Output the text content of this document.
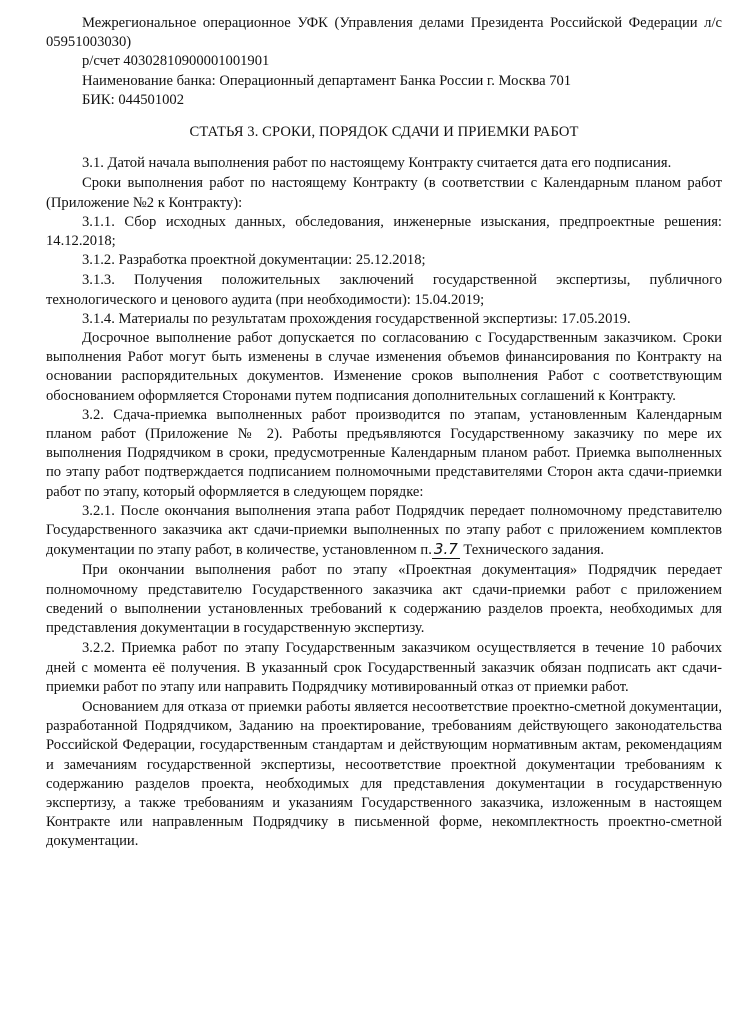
Межрегиональное операционное УФК (Управления делами Президента Российской Федерации л/с 05951003030)

р/счет 40302810900001001901

Наименование банка: Операционный департамент Банка России г. Москва 701

БИК: 044501002

СТАТЬЯ 3. СРОКИ, ПОРЯДОК СДАЧИ И ПРИЕМКИ РАБОТ

3.1. Датой начала выполнения работ по настоящему Контракту считается дата его подписания.

Сроки выполнения работ по настоящему Контракту (в соответствии с Календарным планом работ (Приложение №2 к Контракту):

3.1.1. Сбор исходных данных, обследования, инженерные изыскания, предпроектные решения: 14.12.2018;

3.1.2. Разработка проектной документации: 25.12.2018;

3.1.3. Получения положительных заключений государственной экспертизы, публичного технологического и ценового аудита (при необходимости): 15.04.2019;

3.1.4. Материалы по результатам прохождения государственной экспертизы: 17.05.2019.

Досрочное выполнение работ допускается по согласованию с Государственным заказчиком. Сроки выполнения Работ могут быть изменены в случае изменения объемов финансирования по Контракту на основании распорядительных документов. Изменение сроков выполнения Работ с соответствующим обоснованием оформляется Сторонами путем подписания дополнительных соглашений к Контракту.

3.2. Сдача-приемка выполненных работ производится по этапам, установленным Календарным планом работ (Приложение № 2). Работы предъявляются Государственному заказчику по мере их выполнения Подрядчиком в сроки, предусмотренные Календарным планом работ. Приемка выполненных по этапу работ подтверждается подписанием полномочными представителями Сторон акта сдачи-приемки работ по этапу, который оформляется в следующем порядке:

3.2.1. После окончания выполнения этапа работ Подрядчик передает полномочному представителю Государственного заказчика акт сдачи-приемки выполненных по этапу работ с приложением комплектов документации по этапу работ, в количестве, установленном п. 3.7 Технического задания.

При окончании выполнения работ по этапу «Проектная документация» Подрядчик передает полномочному представителю Государственного заказчика акт сдачи-приемки работ с приложением сведений о выполнении установленных требований к содержанию разделов проекта, необходимых для представления документации в государственную экспертизу.

3.2.2. Приемка работ по этапу Государственным заказчиком осуществляется в течение 10 рабочих дней с момента её получения. В указанный срок Государственный заказчик обязан подписать акт сдачи-приемки работ по этапу или направить Подрядчику мотивированный отказ от приемки работ.

Основанием для отказа от приемки работы является несоответствие проектно-сметной документации, разработанной Подрядчиком, Заданию на проектирование, требованиям действующего законодательства Российской Федерации, государственным стандартам и действующим нормативным актам, рекомендациям и замечаниям государственной экспертизы, несоответствие проектной документации требованиям к содержанию разделов проекта, необходимых для представления документации в государственную экспертизу, а также требованиям и указаниям Государственного заказчика, изложенным в настоящем Контракте или направленным Подрядчику в письменной форме, некомплектность проектно-сметной документации.
